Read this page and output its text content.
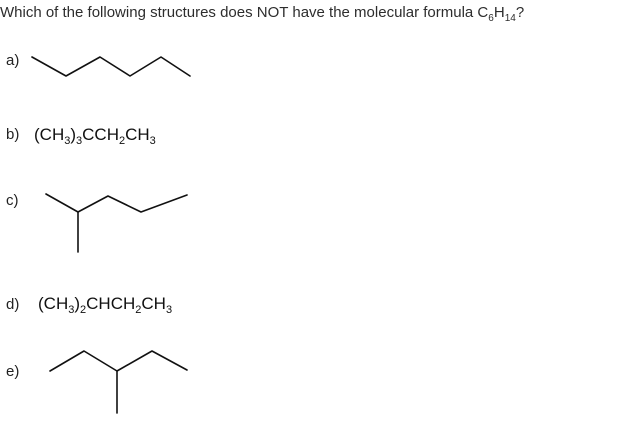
Which of the following structures does NOT have the molecular formula $C_6H_{14}$?
a)
b) $(CH_3)_3CCH_2CH_3$
c)
d) $(CH_3)_2CHCH_2CH_3$
e)
